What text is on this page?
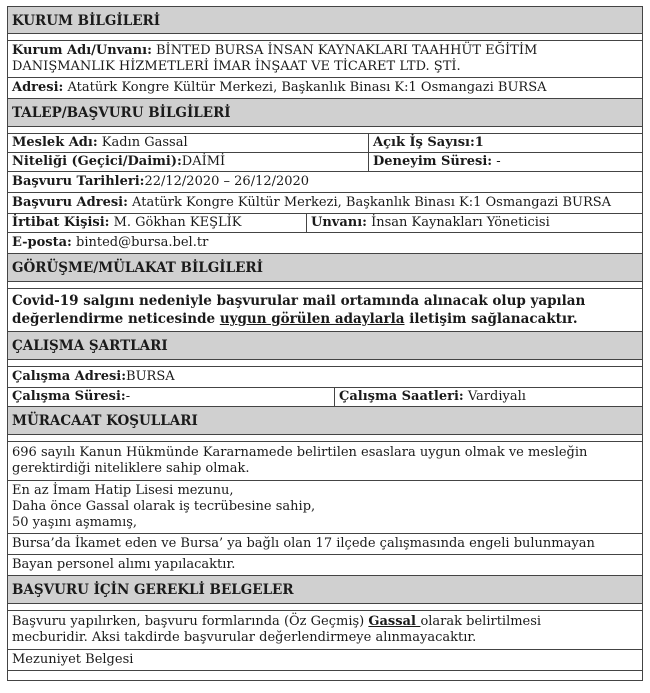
KURUM BİLGİLERİ
Kurum Adı/Unvanı: BİNTED BURSA İNSAN KAYNAKLARI TAAHHÜT EĞİTİM
DANIŞMANLIK HİZMETLERİ İMAR İNŞAAT VE TİCARET LTD. ŞTİ.
Adresi: Atatürk Kongre Kültür Merkezi, Başkanlık Binası K:1 Osmangazi BURSA
TALEP/BAŞVURU BİLGİLERİ
Meslek Adı: Kadın Gassal	Açık İş Sayısı:1
Niteliği (Geçici/Daimi):DAİMİ	Deneyim Süresi: -
Başvuru Tarihleri:22/12/2020 – 26/12/2020
Başvuru Adresi: Atatürk Kongre Kültür Merkezi, Başkanlık Binası K:1 Osmangazi BURSA
İrtibat Kişisi: M. Gökhan KEŞLİK	Unvanı: İnsan Kaynakları Yöneticisi
E-posta: binted@bursa.bel.tr
GÖRÜŞME/MÜLAKAT BİLGİLERİ
Covid-19 salgını nedeniyle başvurular mail ortamında alınacak olup yapılan
değerlendirme neticesinde uygun görülen adaylarla iletişim sağlanacaktır.
ÇALIŞMA ŞARTLARI
Çalışma Adresi:BURSA
Çalışma Süresi:-	Çalışma Saatleri: Vardiyalı
MÜRACAAT KOŞULLARI
696 sayılı Kanun Hükmünde Kararnamede belirtilen esaslara uygun olmak ve mesleğin
gerektirdiği niteliklere sahip olmak.
En az İmam Hatip Lisesi mezunu,
Daha önce Gassal olarak iş tecrübesine sahip,
50 yaşını aşmamış,
Bursa’da İkamet eden ve Bursa’ ya bağlı olan 17 ilçede çalışmasında engeli bulunmayan
Bayan personel alımı yapılacaktır.
BAŞVURU İÇİN GEREKLİ BELGELER
Başvuru yapılırken, başvuru formlarında (Öz Geçmiş) Gassal olarak belirtilmesi
mecburidir. Aksi takdirde başvurular değerlendirmeye alınmayacaktır.
Mezuniyet Belgesi
